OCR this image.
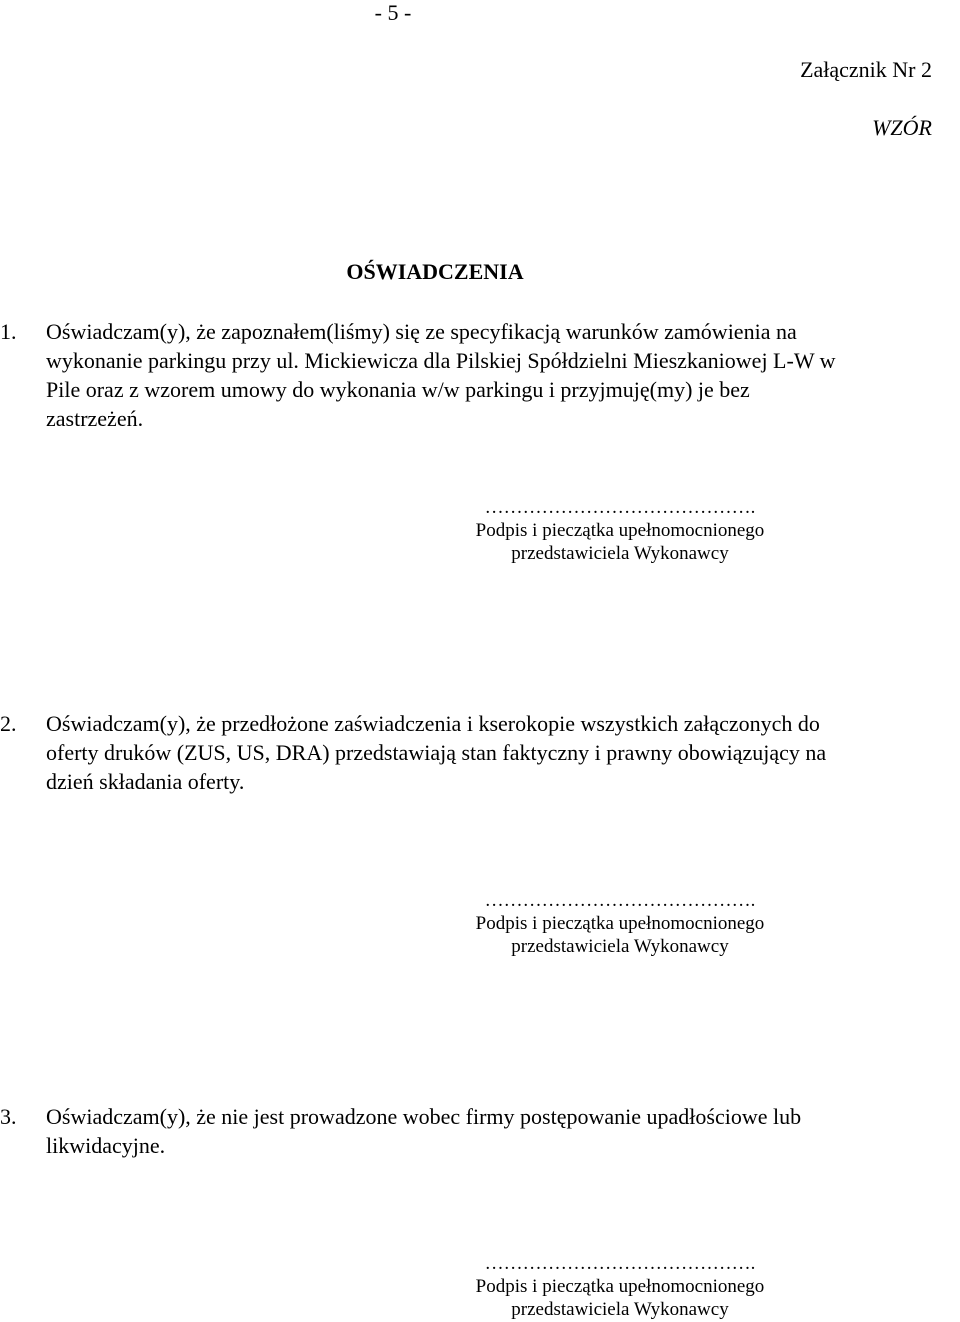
- 5 -

Załącznik Nr 2

WZÓR

OŚWIADCZENIA

1. Oświadczam(y), że zapoznałem(liśmy) się ze specyfikacją warunków zamówienia na
wykonanie parkingu przy ul. Mickiewicza dla Pilskiej Spółdzielni Mieszkaniowej L-W w
Pile oraz z wzorem umowy do wykonania w/w parkingu i przyjmuję(my) je bez
zastrzeżeń.
…………………………………….
Podpis i pieczątka upełnomocnionego
przedstawiciela Wykonawcy
2. Oświadczam(y), że przedłożone zaświadczenia i kserokopie wszystkich załączonych do
oferty druków (ZUS, US, DRA) przedstawiają stan faktyczny i prawny obowiązujący na
dzień składania oferty.
…………………………………….
Podpis i pieczątka upełnomocnionego
przedstawiciela Wykonawcy
3. Oświadczam(y), że nie jest prowadzone wobec firmy postępowanie upadłościowe lub
likwidacyjne.
…………………………………….
Podpis i pieczątka upełnomocnionego
przedstawiciela Wykonawcy
